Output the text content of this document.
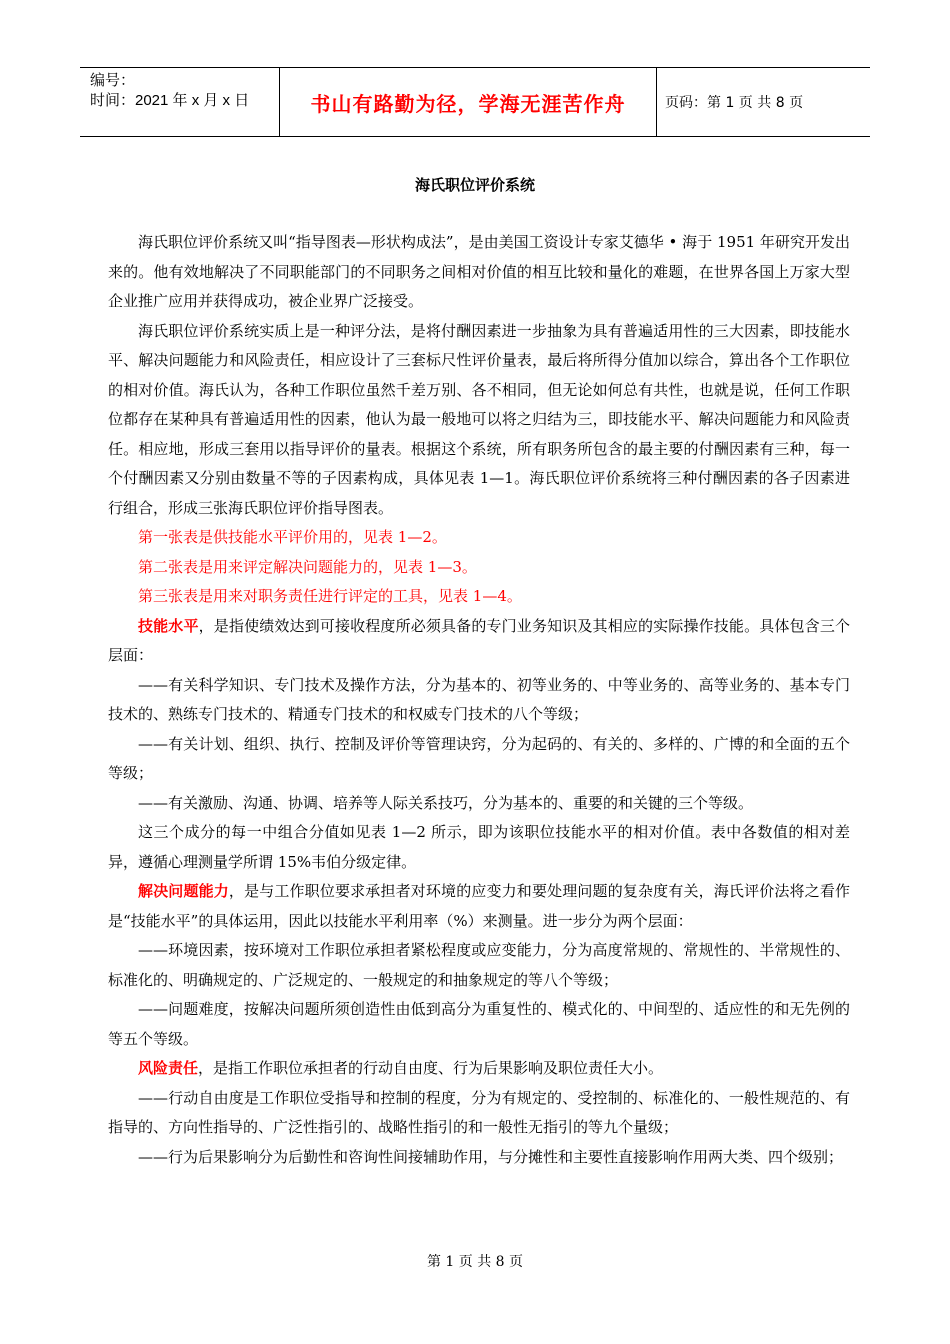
编号：
时间：2021 年 x 月 x 日	书山有路勤为径，学海无涯苦作舟	页码：第 1 页 共 8 页
海氏职位评价系统

海氏职位评价系统又叫“指导图表—形状构成法”，是由美国工资设计专家艾德华 • 海于 1951 年研究开发出来的。他有效地解决了不同职能部门的不同职务之间相对价值的相互比较和量化的难题，在世界各国上万家大型企业推广应用并获得成功，被企业界广泛接受。

海氏职位评价系统实质上是一种评分法，是将付酬因素进一步抽象为具有普遍适用性的三大因素，即技能水平、解决问题能力和风险责任，相应设计了三套标尺性评价量表，最后将所得分值加以综合，算出各个工作职位的相对价值。海氏认为，各种工作职位虽然千差万别、各不相同，但无论如何总有共性，也就是说，任何工作职位都存在某种具有普遍适用性的因素，他认为最一般地可以将之归结为三，即技能水平、解决问题能力和风险责任。相应地，形成三套用以指导评价的量表。根据这个系统，所有职务所包含的最主要的付酬因素有三种，每一个付酬因素又分别由数量不等的子因素构成，具体见表 1—1。海氏职位评价系统将三种付酬因素的各子因素进行组合，形成三张海氏职位评价指导图表。

第一张表是供技能水平评价用的，见表 1—2。

第二张表是用来评定解决问题能力的，见表 1—3。

第三张表是用来对职务责任进行评定的工具，见表 1—4。

技能水平，是指使绩效达到可接收程度所必须具备的专门业务知识及其相应的实际操作技能。具体包含三个层面：

——有关科学知识、专门技术及操作方法，分为基本的、初等业务的、中等业务的、高等业务的、基本专门技术的、熟练专门技术的、精通专门技术的和权威专门技术的八个等级；

——有关计划、组织、执行、控制及评价等管理诀窍，分为起码的、有关的、多样的、广博的和全面的五个等级；

——有关激励、沟通、协调、培养等人际关系技巧，分为基本的、重要的和关键的三个等级。

这三个成分的每一中组合分值如见表 1—2 所示，即为该职位技能水平的相对价值。表中各数值的相对差异，遵循心理测量学所谓 15%韦伯分级定律。

解决问题能力，是与工作职位要求承担者对环境的应变力和要处理问题的复杂度有关，海氏评价法将之看作是“技能水平”的具体运用，因此以技能水平利用率（%）来测量。进一步分为两个层面：

——环境因素，按环境对工作职位承担者紧松程度或应变能力，分为高度常规的、常规性的、半常规性的、标准化的、明确规定的、广泛规定的、一般规定的和抽象规定的等八个等级；

——问题难度，按解决问题所须创造性由低到高分为重复性的、模式化的、中间型的、适应性的和无先例的等五个等级。

风险责任，是指工作职位承担者的行动自由度、行为后果影响及职位责任大小。

——行动自由度是工作职位受指导和控制的程度，分为有规定的、受控制的、标准化的、一般性规范的、有指导的、方向性指导的、广泛性指引的、战略性指引的和一般性无指引的等九个量级；

——行为后果影响分为后勤性和咨询性间接辅助作用，与分摊性和主要性直接影响作用两大类、四个级别；

第 1 页 共 8 页
